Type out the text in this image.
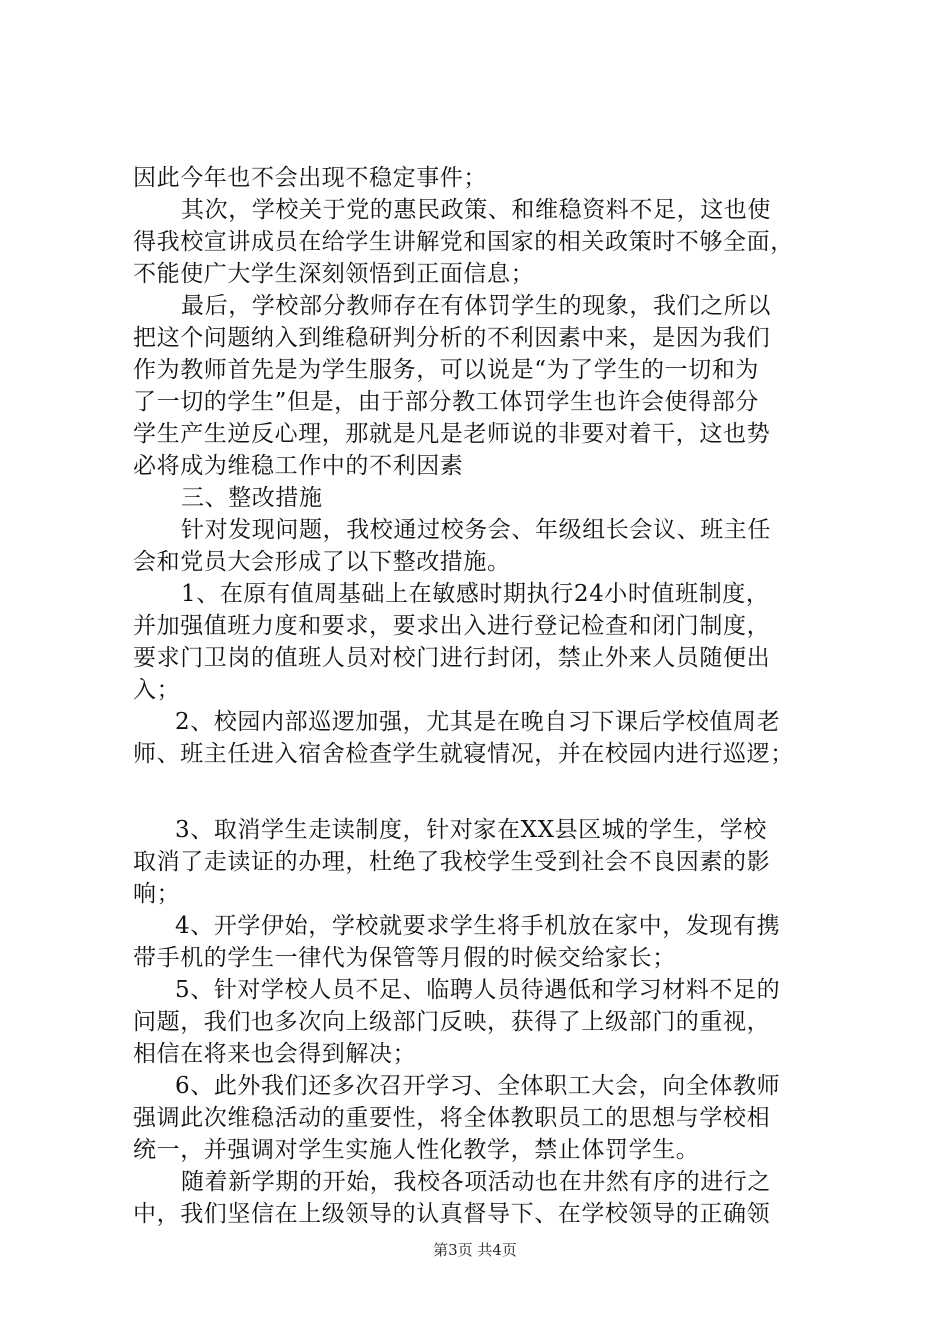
因此今年也不会出现不稳定事件；
其次，学校关于党的惠民政策、和维稳资料不足，这也使
得我校宣讲成员在给学生讲解党和国家的相关政策时不够全面，
不能使广大学生深刻领悟到正面信息；
最后，学校部分教师存在有体罚学生的现象，我们之所以
把这个问题纳入到维稳研判分析的不利因素中来，是因为我们
作为教师首先是为学生服务，可以说是“为了学生的一切和为
了一切的学生”但是，由于部分教工体罚学生也许会使得部分
学生产生逆反心理，那就是凡是老师说的非要对着干，这也势
必将成为维稳工作中的不利因素
三、整改措施
针对发现问题，我校通过校务会、年级组长会议、班主任
会和党员大会形成了以下整改措施。
1、在原有值周基础上在敏感时期执行24小时值班制度，
并加强值班力度和要求，要求出入进行登记检查和闭门制度，
要求门卫岗的值班人员对校门进行封闭，禁止外来人员随便出
入；
2、校园内部巡逻加强，尤其是在晚自习下课后学校值周老
师、班主任进入宿舍检查学生就寝情况，并在校园内进行巡逻；
3、取消学生走读制度，针对家在XX县区城的学生，学校
取消了走读证的办理，杜绝了我校学生受到社会不良因素的影
响；
4、开学伊始，学校就要求学生将手机放在家中，发现有携
带手机的学生一律代为保管等月假的时候交给家长；
5、针对学校人员不足、临聘人员待遇低和学习材料不足的
问题，我们也多次向上级部门反映，获得了上级部门的重视，
相信在将来也会得到解决；
6、此外我们还多次召开学习、全体职工大会，向全体教师
强调此次维稳活动的重要性，将全体教职员工的思想与学校相
统一，并强调对学生实施人性化教学，禁止体罚学生。
随着新学期的开始，我校各项活动也在井然有序的进行之
中，我们坚信在上级领导的认真督导下、在学校领导的正确领
第3页 共4页
